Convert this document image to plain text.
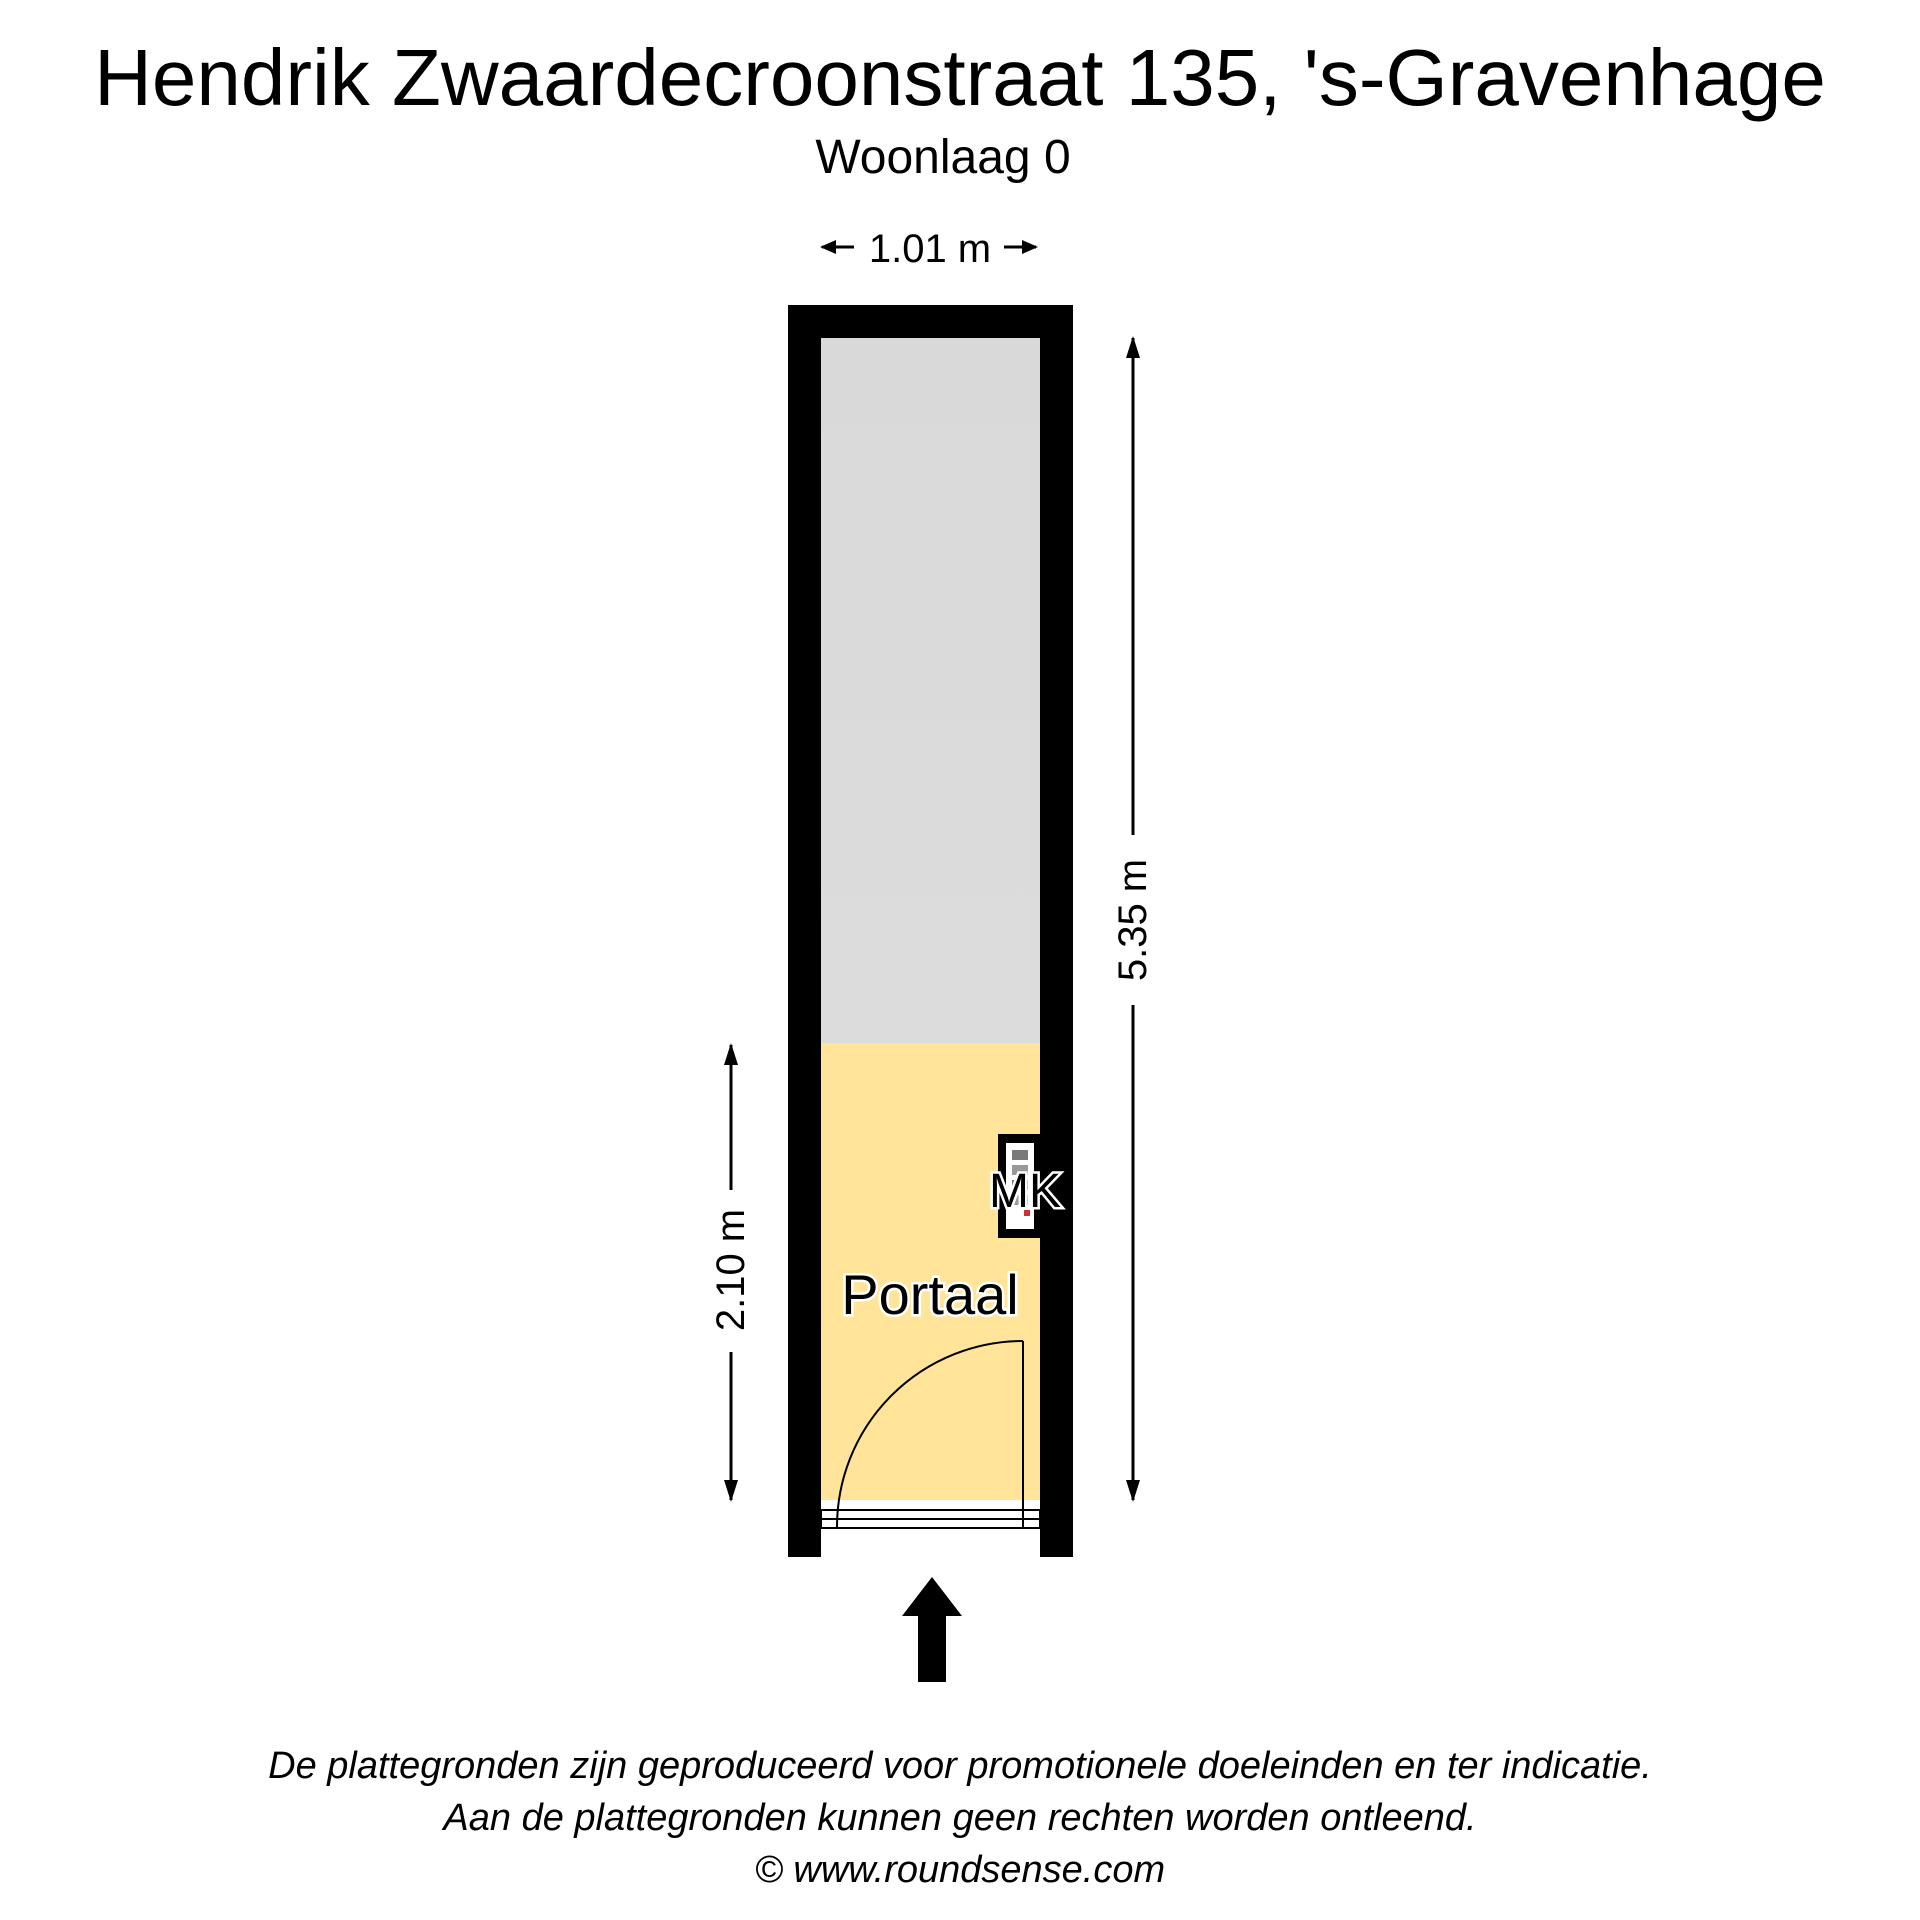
Hendrik Zwaardecroonstraat 135, 's-Gravenhage
Woonlaag 0
1.01 m
MK
Portaal
5.35 m
2.10 m
De plattegronden zijn geproduceerd voor promotionele doeleinden en ter indicatie.
Aan de plattegronden kunnen geen rechten worden ontleend.
© www.roundsense.com
